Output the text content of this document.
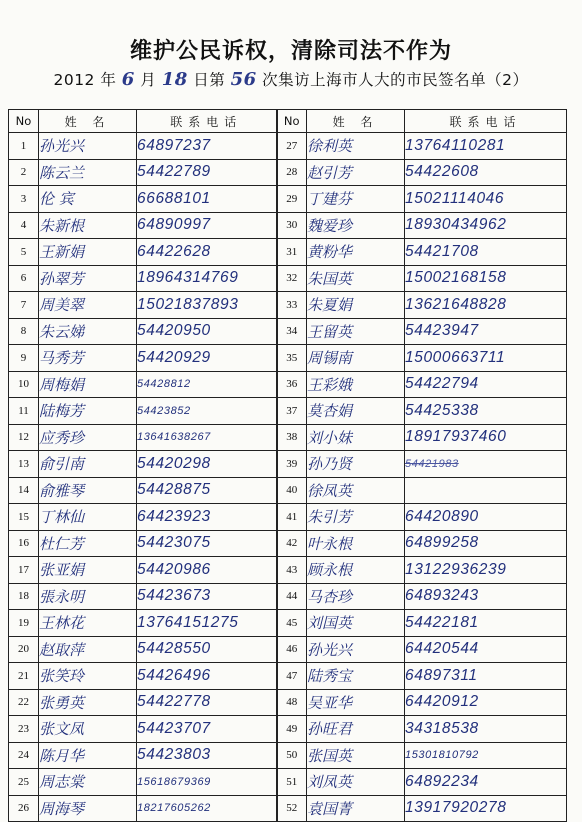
维护公民诉权，清除司法不作为
2012 年 6 月 18 日第 56 次集访上海市人大的市民签名单（2）
No	姓 名	联系电话	No	姓 名	联系电话
1	孙光兴	64897237	27	徐利英	13764110281
2	陈云兰	54422789	28	赵引芳	54422608
3	伦 宾	66688101	29	丁建芬	15021114046
4	朱新根	64890997	30	魏爱珍	18930434962
5	王新娟	64422628	31	黄粉华	54421708
6	孙翠芳	18964314769	32	朱国英	15002168158
7	周美翠	15021837893	33	朱夏娟	13621648828
8	朱云娣	54420950	34	王留英	54423947
9	马秀芳	54420929	35	周锡南	15000663711
10	周梅娟	54428812	36	王彩娥	54422794
11	陆梅芳	54423852	37	莫杏娟	54425338
12	应秀珍	13641638267	38	刘小妹	18917937460
13	俞引南	54420298	39	孙乃贤	54421983
14	俞雅琴	54428875	40	徐凤英	
15	丁林仙	64423923	41	朱引芳	64420890
16	杜仁芳	54423075	42	叶永根	64899258
17	张亚娟	54420986	43	顾永根	13122936239
18	張永明	54423673	44	马杏珍	64893243
19	王林花	13764151275	45	刘国英	54422181
20	赵取萍	54428550	46	孙光兴	64420544
21	张笑玲	54426496	47	陆秀宝	64897311
22	张勇英	54422778	48	吴亚华	64420912
23	张文凤	54423707	49	孙旺君	34318538
24	陈月华	54423803	50	张国英	15301810792
25	周志棠	15618679369	51	刘凤英	64892234
26	周海琴	18217605262	52	袁国菁	13917920278
